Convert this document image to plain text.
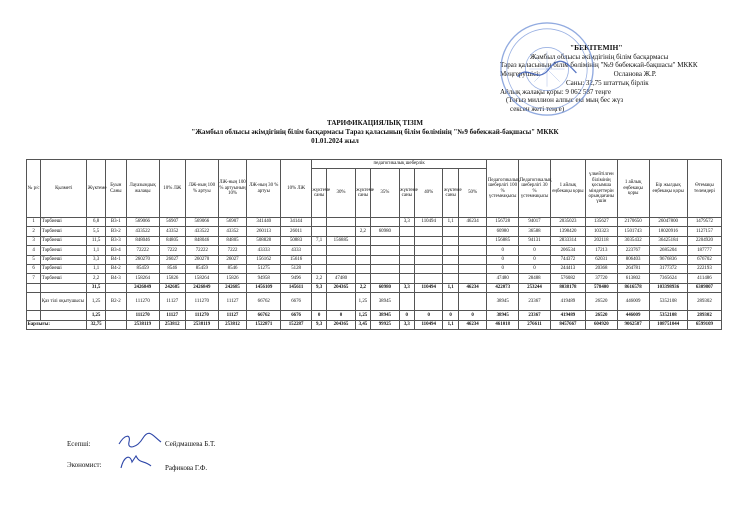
"БЕКІТЕМІН"
Жамбыл облысы әкімдігінің білім басқармасы
Тараз қаласының білім бөлімінің "№9 бөбекжай-бақшасы" МККК
Меңгерушісі:	Осланова Ж.Р.
Саны: 32,75 штаттық бірлік
Айлық жалақы қоры: 9 062 587 теңге
(Тоғыз миллион алпыс екі мың бес жүз
сексен жеті теңге)
ТАРИФИКАЦИЯЛЫҚ ТІЗІМ
"Жамбыл облысы әкімдігінің білім басқармасы Тараз қаласының білім бөлімінің "№9 бөбекжай-бақшасы" МККК
01.01.2024 жыл
№ р/с	Қызметі	Жүктеме	Буын Саны	Лауазымдық жалақы	10% ЛЖ	ЛЖ-ның 100 % артуы	ЛЖ-ның 100 % артуының 10%	ЛЖ-ның 30 % артуы	10% ЛЖ	педагогикалық шеберлік								Педагогикалық шеберлігі 100 % үстемеақысы	Педагогикалық шеберлігі 30 % үстемеақысы	1 айлық еңбекақы қоры	үлкейтілген білімінің қосымша міндеттерін орындағаны үшін	1 айлық еңбекақы қоры	Бір жылдық еңбекақы қоры	Өтемақы төлемдері
										жүктеме саны	30%	жүктеме саны	35%	жүктеме саны	40%	жүктеме саны	50%							
1	Тәрбиеші	6,8	В3-1	569066	56907	569066	56907	341440	34144					3,3	110494	1,1	46234	156728	94017	2035023	135627	2170650	26047800	1479572
2	Тәрбиеші	5,5	В3-2	433522	43352	433522	43352	260113	26011			2,2	60980					60980	36588	1398420	103323	1501743	18020916	1127157
3	Тәрбиеші	11,5	В3-3	848046	84805	848046	84805	508828	50883	7,1	156885							156885	94131	2833314	202118	3035432	36425184	2204920
4	Тәрбиеші	1,1	В3-4	72222	7222	72222	7222	43333	4333									0	0	206534	17213	223767	2685204	187777
5	Тәрбиеші	3,3	В4-1	260270	26027	260270	26027	156162	15616									0	0	744372	62031	806403	9676836	676702
6	Тәрбиеші	1,1	В4-2	85459	8546	85459	8546	51275	5128									0	0	244413	20368	264781	3177372	222193
7	Тәрбиеші	2,2	В4-3	158264	15826	158264	15826	94958	9496	2,2	47480							47480	28488	576082	37720	613802	7365624	411486
		31,5		2426849	242685	2426849	242685	1456109	145611	9,3	204365	2,2	60980	3,3	110494	1,1	46234	422073	253244	8038178	578400	8616578	103398936	6309807
	Қаз тілі оқытушысы	1,25	В2-2	111270	11127	111270	11127	66762	6676			1,25	38945					38945	23367	419489	26520	446009	5352108	289302
		1,25		111270	11127	111270	11127	66762	6676	0	0	1,25	38945	0	0	0	0	38945	23367	419489	26520	446009	5352108	289302
Барлығы:		32,75		2538119	253812	2538119	253812	1522871	152287	9,3	204365	3,45	99925	3,3	110494	1,1	46234	461018	276611	8457667	604920	9062587	108751044	6599109
Есепші:	Сейдмашева Б.Т.
Экономист:	Рафикова Г.Ф.
